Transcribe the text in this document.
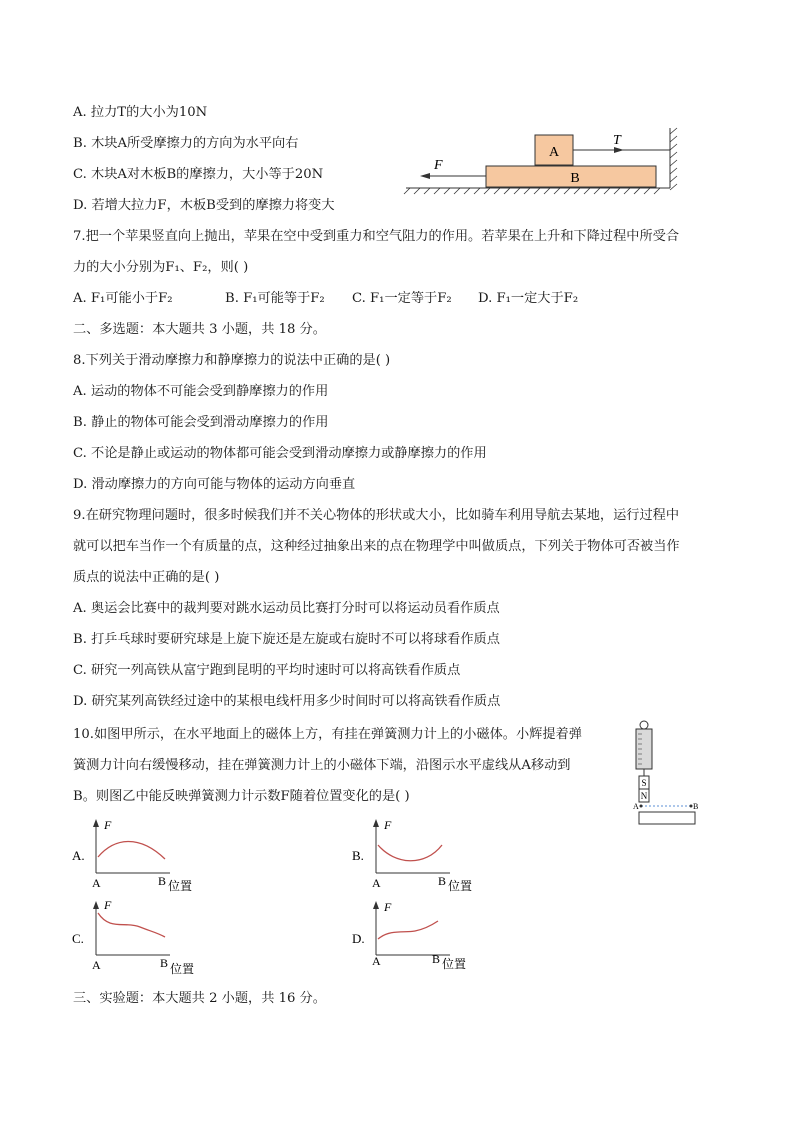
A. 拉力T的大小为10N
B. 木块A所受摩擦力的方向为水平向右
C. 木块A对木板B的摩擦力，大小等于20N
D. 若增大拉力F，木板B受到的摩擦力将变大
A
B
T
F
7.把一个苹果竖直向上抛出，苹果在空中受到重力和空气阻力的作用。若苹果在上升和下降过程中所受合
力的大小分别为F₁、F₂，则( )
A. F₁可能小于F₂	B. F₁可能等于F₂ C. F₁一定等于F₂ D. F₁一定大于F₂
二、多选题：本大题共 3 小题，共 18 分。
8.下列关于滑动摩擦力和静摩擦力的说法中正确的是( )
A. 运动的物体不可能会受到静摩擦力的作用
B. 静止的物体可能会受到滑动摩擦力的作用
C. 不论是静止或运动的物体都可能会受到滑动摩擦力或静摩擦力的作用
D. 滑动摩擦力的方向可能与物体的运动方向垂直
9.在研究物理问题时，很多时候我们并不关心物体的形状或大小，比如骑车利用导航去某地，运行过程中
就可以把车当作一个有质量的点，这种经过抽象出来的点在物理学中叫做质点，下列关于物体可否被当作
质点的说法中正确的是( )
A. 奥运会比赛中的裁判要对跳水运动员比赛打分时可以将运动员看作质点
B. 打乒乓球时要研究球是上旋下旋还是左旋或右旋时不可以将球看作质点
C. 研究一列高铁从富宁跑到昆明的平均时速时可以将高铁看作质点
D. 研究某列高铁经过途中的某根电线杆用多少时间时可以将高铁看作质点
10.如图甲所示，在水平地面上的磁体上方，有挂在弹簧测力计上的小磁体。小辉提着弹
簧测力计向右缓慢移动，挂在弹簧测力计上的小磁体下端，沿图示水平虚线从A移动到
B。则图乙中能反映弹簧测力计示数F随着位置变化的是( )
S
N
A	B
A.
F
A	B 位置
B.
F
A	B 位置
C.
F
A	B 位置
D.
F
A	B 位置
三、实验题：本大题共 2 小题，共 16 分。
